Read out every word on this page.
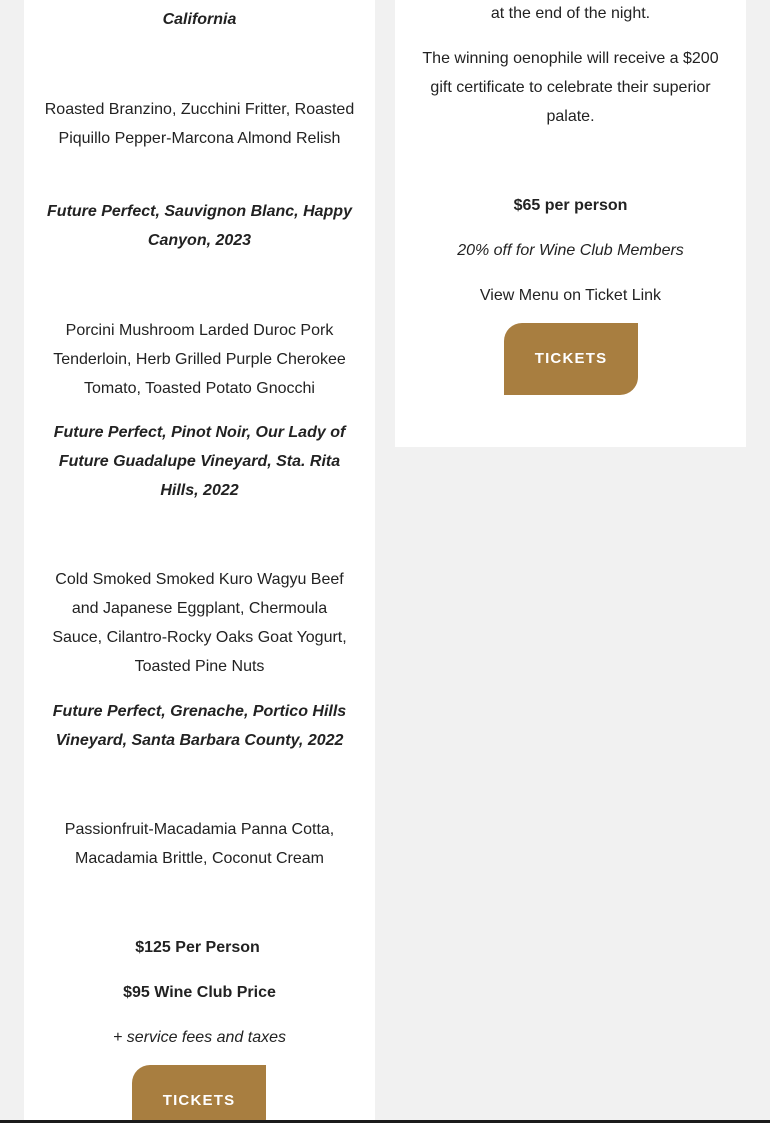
California
Roasted Branzino, Zucchini Fritter, Roasted Piquillo Pepper-Marcona Almond Relish
Future Perfect, Sauvignon Blanc, Happy Canyon, 2023
Porcini Mushroom Larded Duroc Pork Tenderloin, Herb Grilled Purple Cherokee Tomato, Toasted Potato Gnocchi
Future Perfect, Pinot Noir, Our Lady of Future Guadalupe Vineyard, Sta. Rita Hills, 2022
Cold Smoked Smoked Kuro Wagyu Beef and Japanese Eggplant, Chermoula Sauce, Cilantro-Rocky Oaks Goat Yogurt, Toasted Pine Nuts
Future Perfect, Grenache, Portico Hills Vineyard, Santa Barbara County, 2022
Passionfruit-Macadamia Panna Cotta, Macadamia Brittle, Coconut Cream
$125 Per Person
$95 Wine Club Price
+ service fees and taxes
TICKETS
at the end of the night.
The winning oenophile will receive a $200 gift certificate to celebrate their superior palate.
$65 per person
20% off for Wine Club Members
View Menu on Ticket Link
TICKETS
